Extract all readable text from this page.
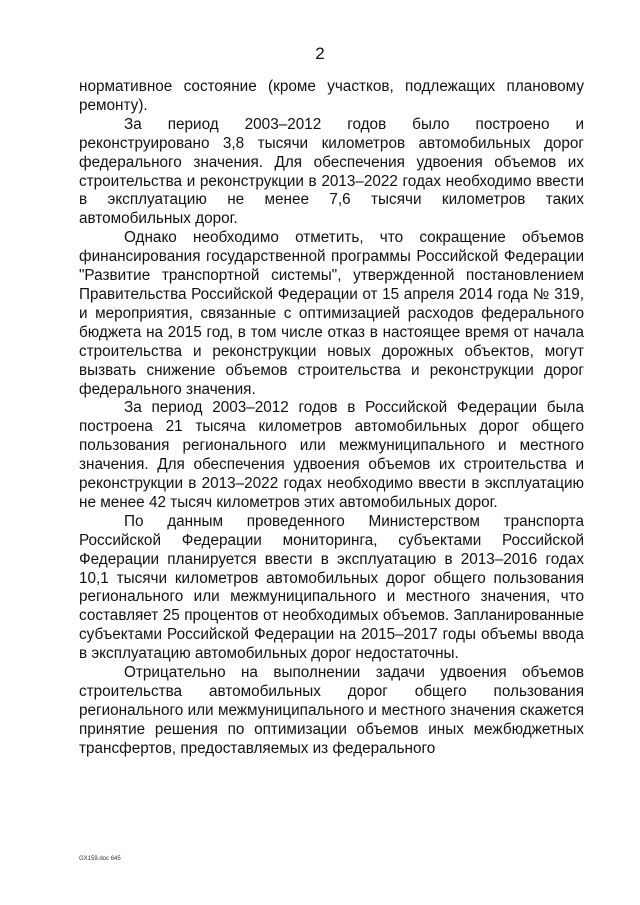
2

нормативное состояние (кроме участков, подлежащих плановому ремонту).

За период 2003–2012 годов было построено и реконструировано 3,8 тысячи километров автомобильных дорог федерального значения. Для обеспечения удвоения объемов их строительства и реконструкции в 2013–2022 годах необходимо ввести в эксплуатацию не менее 7,6 тысячи километров таких автомобильных дорог.

Однако необходимо отметить, что сокращение объемов финансирования государственной программы Российской Федерации "Развитие транспортной системы", утвержденной постановлением Правительства Российской Федерации от 15 апреля 2014 года № 319, и мероприятия, связанные с оптимизацией расходов федерального бюджета на 2015 год, в том числе отказ в настоящее время от начала строительства и реконструкции новых дорожных объектов, могут вызвать снижение объемов строительства и реконструкции дорог федерального значения.

За период 2003–2012 годов в Российской Федерации была построена 21 тысяча километров автомобильных дорог общего пользования регионального или межмуниципального и местного значения. Для обеспечения удвоения объемов их строительства и реконструкции в 2013–2022 годах необходимо ввести в эксплуатацию не менее 42 тысяч километров этих автомобильных дорог.

По данным проведенного Министерством транспорта Российской Федерации мониторинга, субъектами Российской Федерации планируется ввести в эксплуатацию в 2013–2016 годах 10,1 тысячи километров автомобильных дорог общего пользования регионального или межмуниципального и местного значения, что составляет 25 процентов от необходимых объемов. Запланированные субъектами Российской Федерации на 2015–2017 годы объемы ввода в эксплуатацию автомобильных дорог недостаточны.

Отрицательно на выполнении задачи удвоения объемов строительства автомобильных дорог общего пользования регионального или межмуниципального и местного значения скажется принятие решения по оптимизации объемов иных межбюджетных трансфертов, предоставляемых из федерального

GX159.doc 645
